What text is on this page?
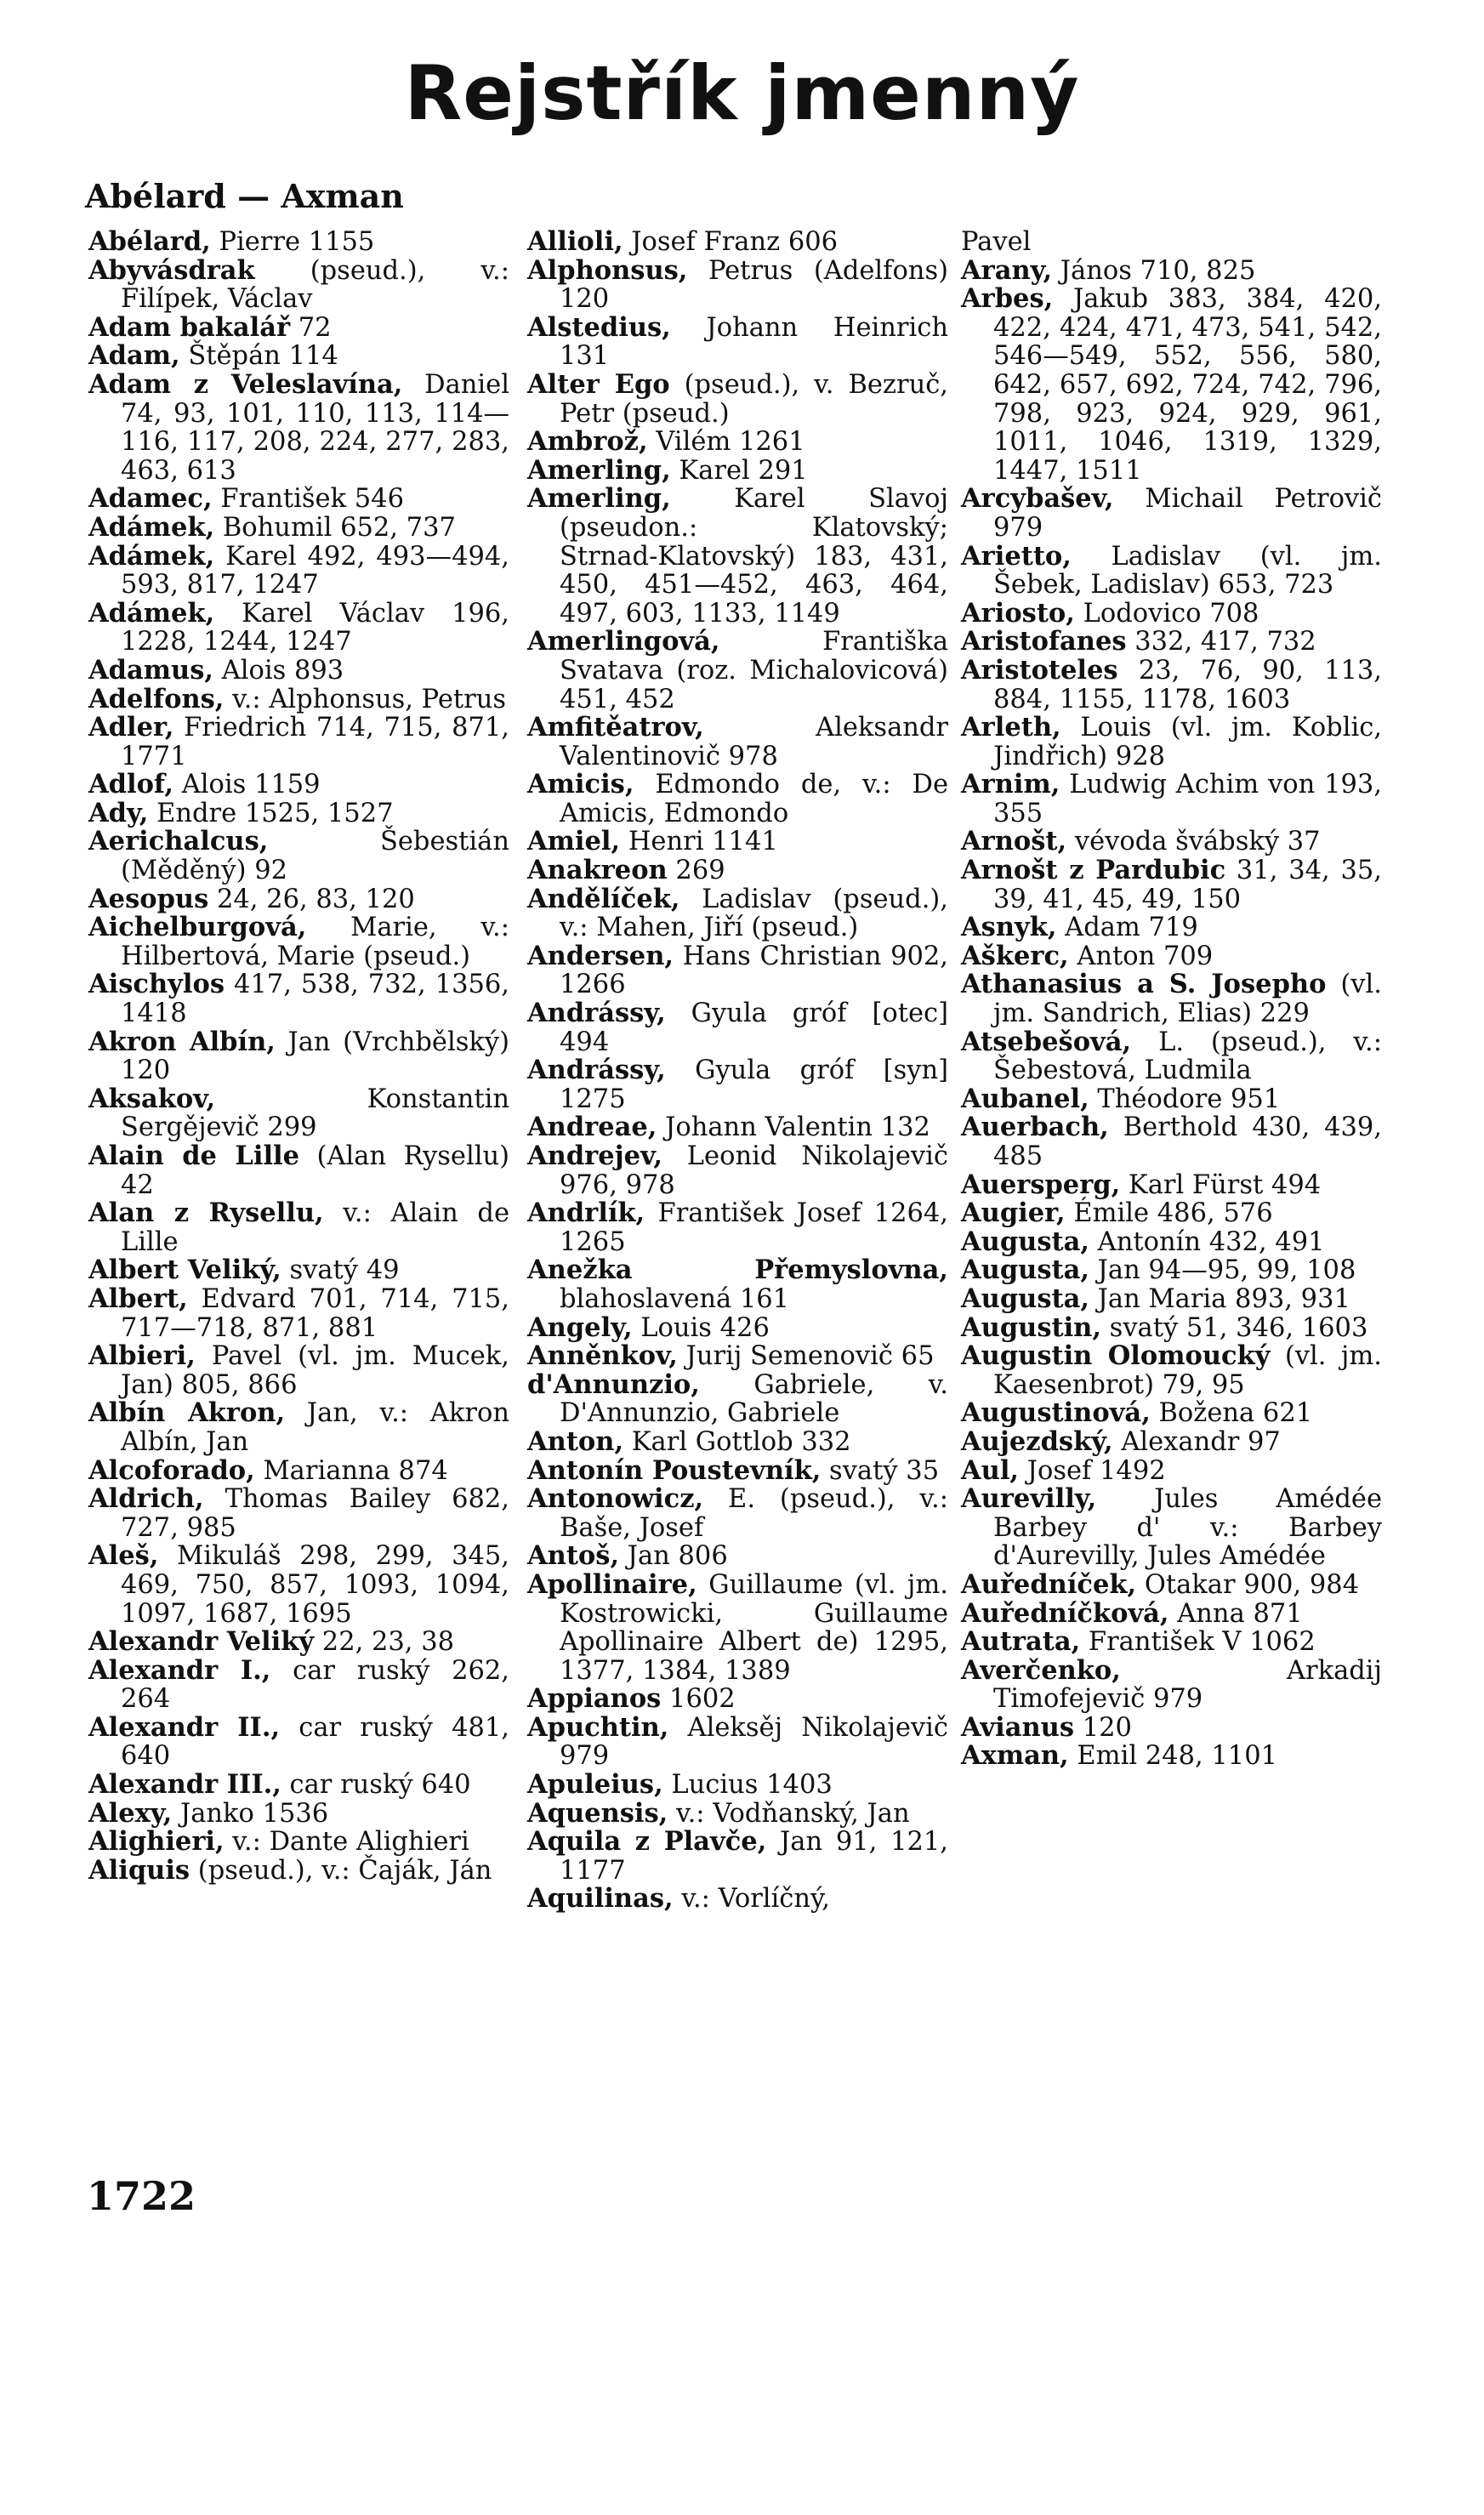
Rejstřík jmenný
Abélard — Axman
Abélard, Pierre 1155
Abyvásdrak (pseud.), v.: Filípek, Václav
Adam bakalář 72
Adam, Štěpán 114
Adam z Veleslavína, Daniel 74, 93, 101, 110, 113, 114—116, 117, 208, 224, 277, 283, 463, 613
Adamec, František 546
Adámek, Bohumil 652, 737
Adámek, Karel 492, 493—494, 593, 817, 1247
Adámek, Karel Václav 196, 1228, 1244, 1247
Adamus, Alois 893
Adelfons, v.: Alphonsus, Petrus
Adler, Friedrich 714, 715, 871, 1771
Adlof, Alois 1159
Ady, Endre 1525, 1527
Aerichalcus, Šebestián (Měděný) 92
Aesopus 24, 26, 83, 120
Aichelburgová, Marie, v.: Hilbertová, Marie (pseud.)
Aischylos 417, 538, 732, 1356, 1418
Akron Albín, Jan (Vrchbělský) 120
Aksakov, Konstantin Sergějevič 299
Alain de Lille (Alan Rysellu) 42
Alan z Rysellu, v.: Alain de Lille
Albert Veliký, svatý 49
Albert, Edvard 701, 714, 715, 717—718, 871, 881
Albieri, Pavel (vl. jm. Mucek, Jan) 805, 866
Albín Akron, Jan, v.: Akron Albín, Jan
Alcoforado, Marianna 874
Aldrich, Thomas Bailey 682, 727, 985
Aleš, Mikuláš 298, 299, 345, 469, 750, 857, 1093, 1094, 1097, 1687, 1695
Alexandr Veliký 22, 23, 38
Alexandr I., car ruský 262, 264
Alexandr II., car ruský 481, 640
Alexandr III., car ruský 640
Alexy, Janko 1536
Alighieri, v.: Dante Alighieri
Aliquis (pseud.), v.: Čaják, Ján
Allioli, Josef Franz 606
Alphonsus, Petrus (Adelfons) 120
Alstedius, Johann Heinrich 131
Alter Ego (pseud.), v. Bezruč, Petr (pseud.)
Ambrož, Vilém 1261
Amerling, Karel 291
Amerling, Karel Slavoj (pseudon.: Klatovský; Strnad-Klatovský) 183, 431, 450, 451—452, 463, 464, 497, 603, 1133, 1149
Amerlingová, Františka Svatava (roz. Michalovicová) 451, 452
Amfitěatrov, Aleksandr Valentinovič 978
Amicis, Edmondo de, v.: De Amicis, Edmondo
Amiel, Henri 1141
Anakreon 269
Andělíček, Ladislav (pseud.), v.: Mahen, Jiří (pseud.)
Andersen, Hans Christian 902, 1266
Andrássy, Gyula gróf [otec] 494
Andrássy, Gyula gróf [syn] 1275
Andreae, Johann Valentin 132
Andrejev, Leonid Nikolajevič 976, 978
Andrlík, František Josef 1264, 1265
Anežka Přemyslovna, blahoslavená 161
Angely, Louis 426
Anněnkov, Jurij Semenovič 65
d'Annunzio, Gabriele, v. D'Annunzio, Gabriele
Anton, Karl Gottlob 332
Antonín Poustevník, svatý 35
Antonowicz, E. (pseud.), v.: Baše, Josef
Antoš, Jan 806
Apollinaire, Guillaume (vl. jm. Kostrowicki, Guillaume Apollinaire Albert de) 1295, 1377, 1384, 1389
Appianos 1602
Apuchtin, Aleksěj Nikolajevič 979
Apuleius, Lucius 1403
Aquensis, v.: Vodňanský, Jan
Aquila z Plavče, Jan 91, 121, 1177
Aquilinas, v.: Vorlíčný,
Pavel
Arany, János 710, 825
Arbes, Jakub 383, 384, 420, 422, 424, 471, 473, 541, 542, 546—549, 552, 556, 580, 642, 657, 692, 724, 742, 796, 798, 923, 924, 929, 961, 1011, 1046, 1319, 1329, 1447, 1511
Arcybašev, Michail Petrovič 979
Arietto, Ladislav (vl. jm. Šebek, Ladislav) 653, 723
Ariosto, Lodovico 708
Aristofanes 332, 417, 732
Aristoteles 23, 76, 90, 113, 884, 1155, 1178, 1603
Arleth, Louis (vl. jm. Koblic, Jindřich) 928
Arnim, Ludwig Achim von 193, 355
Arnošt, vévoda švábský 37
Arnošt z Pardubic 31, 34, 35, 39, 41, 45, 49, 150
Asnyk, Adam 719
Aškerc, Anton 709
Athanasius a S. Josepho (vl. jm. Sandrich, Elias) 229
Atsebešová, L. (pseud.), v.: Šebestová, Ludmila
Aubanel, Théodore 951
Auerbach, Berthold 430, 439, 485
Auersperg, Karl Fürst 494
Augier, Émile 486, 576
Augusta, Antonín 432, 491
Augusta, Jan 94—95, 99, 108
Augusta, Jan Maria 893, 931
Augustin, svatý 51, 346, 1603
Augustin Olomoucký (vl. jm. Kaesenbrot) 79, 95
Augustinová, Božena 621
Aujezdský, Alexandr 97
Aul, Josef 1492
Aurevilly, Jules Amédée Barbey d' v.: Barbey d'Aurevilly, Jules Amédée
Auředníček, Otakar 900, 984
Auředníčková, Anna 871
Autrata, František V 1062
Averčenko, Arkadij Timofejevič 979
Avianus 120
Axman, Emil 248, 1101
1722
